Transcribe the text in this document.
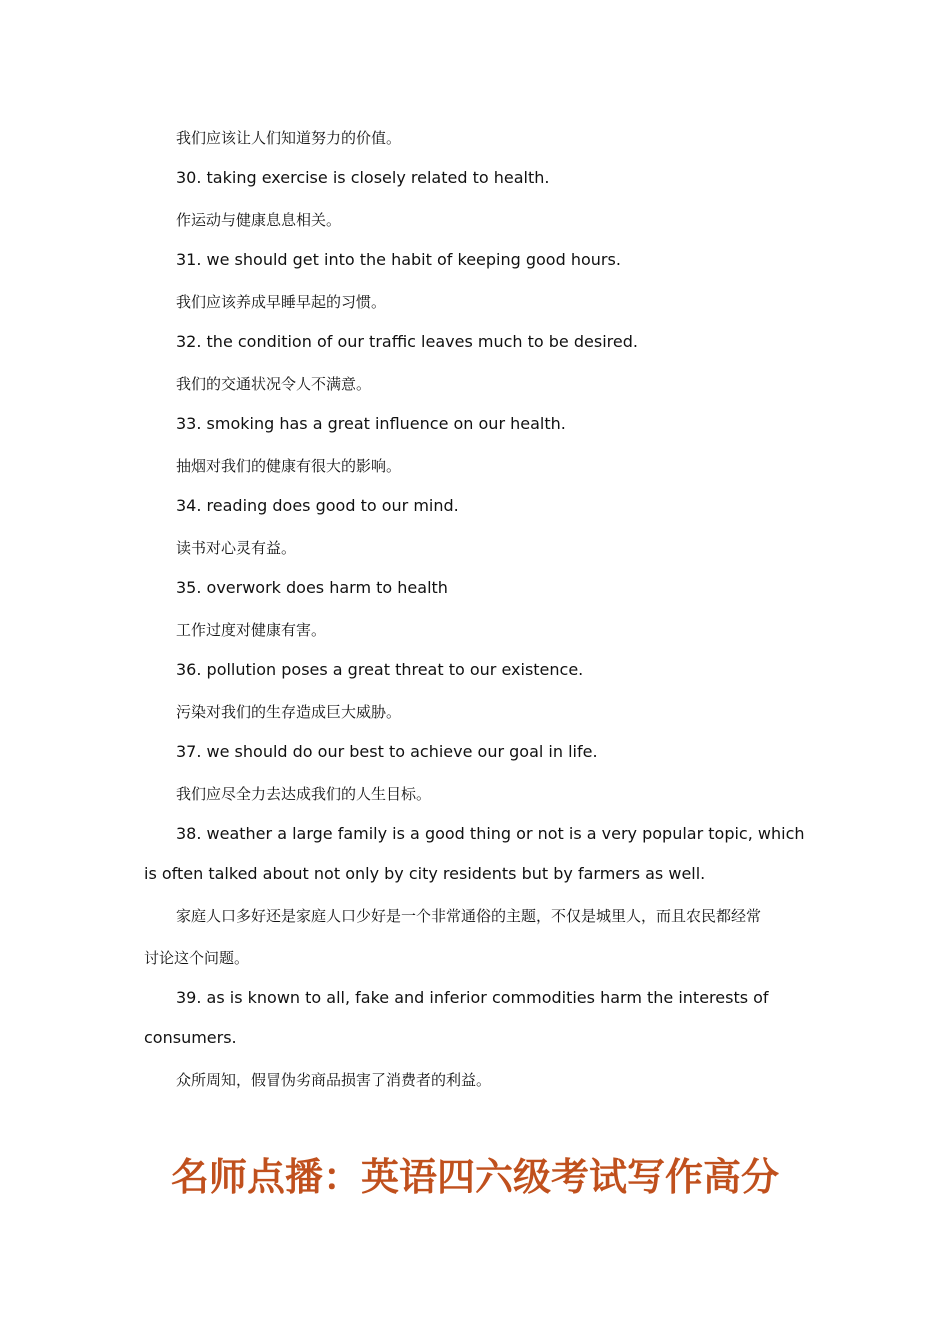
我们应该让人们知道努力的价值。
30. taking exercise is closely related to health.
作运动与健康息息相关。
31. we should get into the habit of keeping good hours.
我们应该养成早睡早起的习惯。
32. the condition of our traffic leaves much to be desired.
我们的交通状况令人不满意。
33. smoking has a great influence on our health.
抽烟对我们的健康有很大的影响。
34. reading does good to our mind.
读书对心灵有益。
35. overwork does harm to health
工作过度对健康有害。
36. pollution poses a great threat to our existence.
污染对我们的生存造成巨大威胁。
37. we should do our best to achieve our goal in life.
我们应尽全力去达成我们的人生目标。
38. weather a large family is a good thing or not is a very popular topic, which
is often talked about not only by city residents but by farmers as well.
家庭人口多好还是家庭人口少好是一个非常通俗的主题，不仅是城里人，而且农民都经常
讨论这个问题。
39. as is known to all, fake and inferior commodities harm the interests of
consumers.
众所周知，假冒伪劣商品损害了消费者的利益。
名师点播：英语四六级考试写作高分
